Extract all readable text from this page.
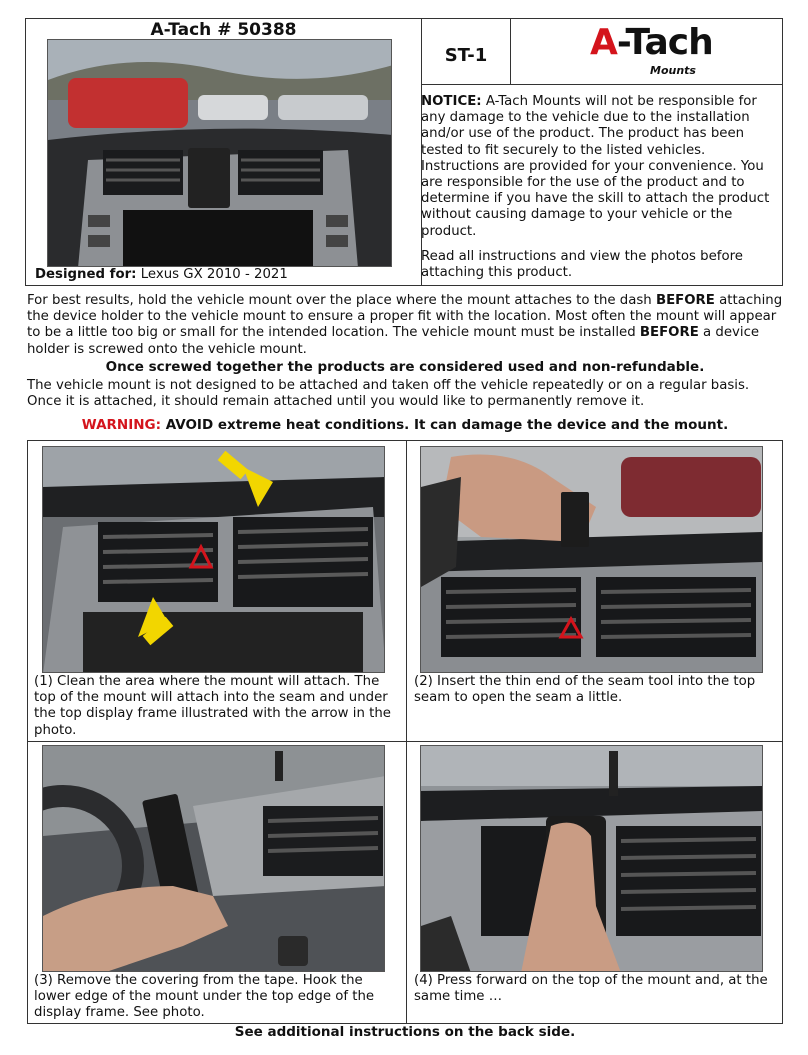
A-Tach # 50388
ST-1	A-Tach
Mounts
Designed for: Lexus GX 2010 - 2021
NOTICE: A-Tach Mounts will not be responsible for any damage to the vehicle due to the installation and/or use of the product. The product has been tested to fit securely to the listed vehicles. Instructions are provided for your convenience. You are responsible for the use of the product and to determine if you have the skill to attach the product without causing damage to your vehicle or the product.
Read all instructions and view the photos before attaching this product.
For best results, hold the vehicle mount over the place where the mount attaches to the dash BEFORE attaching the device holder to the vehicle mount to ensure a proper fit with the location. Most often the mount will appear to be a little too big or small for the intended location. The vehicle mount must be installed BEFORE a device holder is screwed onto the vehicle mount.
Once screwed together the products are considered used and non-refundable.
The vehicle mount is not designed to be attached and taken off the vehicle repeatedly or on a regular basis. Once it is attached, it should remain attached until you would like to permanently remove it.
WARNING: AVOID extreme heat conditions. It can damage the device and the mount.
(1) Clean the area where the mount will attach. The top of the mount will attach into the seam and under the top display frame illustrated with the arrow in the photo.
(2) Insert the thin end of the seam tool into the top seam to open the seam a little.
(3) Remove the covering from the tape. Hook the lower edge of the mount under the top edge of the display frame. See photo.
(4) Press forward on the top of the mount and, at the same time …
See additional instructions on the back side.
